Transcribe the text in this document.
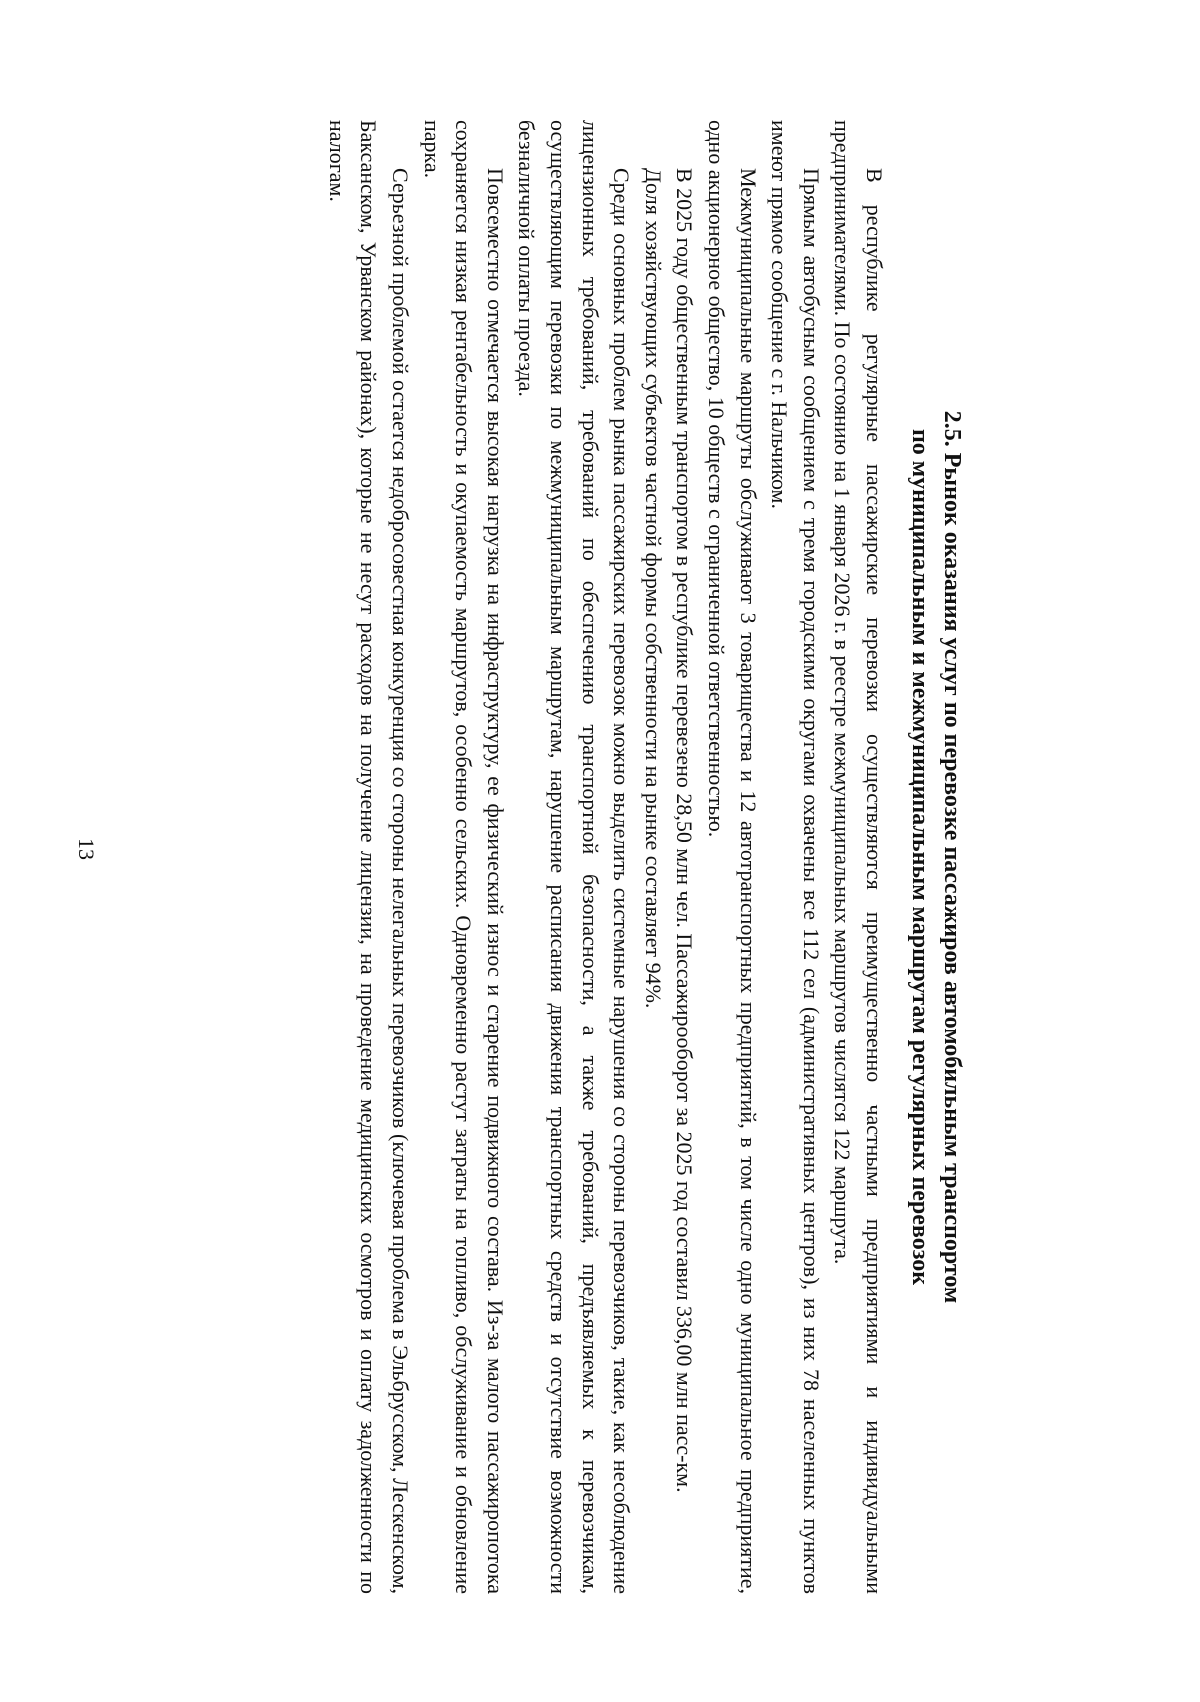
13	2.5. Рынок оказания услуг по перевозке пассажиров автомобильным транспортом
по муниципальным и межмуниципальным маршрутам регулярных перевозок

В республике регулярные пассажирские перевозки осуществляются преимущественно частными предприятиями и индивидуальными предпринимателями. По состоянию на 1 января 2026 г. в реестре межмуниципальных маршрутов числятся 122 маршрута.

Прямым автобусным сообщением с тремя городскими округами охвачены все 112 сел (административных центров), из них 78 населенных пунктов имеют прямое сообщение с г. Нальчиком.

Межмуниципальные маршруты обслуживают 3 товарищества и 12 автотранспортных предприятий, в том числе одно муниципальное предприятие, одно акционерное общество, 10 обществ с ограниченной ответственностью.

В 2025 году общественным транспортом в республике перевезено 28,50 млн чел. Пассажирооборот за 2025 год составил 336,00 млн пасс-км.

Доля хозяйствующих субъектов частной формы собственности на рынке составляет 94%.

Среди основных проблем рынка пассажирских перевозок можно выделить системные нарушения со стороны перевозчиков, такие, как несоблюдение лицензионных требований, требований по обеспечению транспортной безопасности, а также требований, предъявляемых к перевозчикам, осуществляющим перевозки по межмуниципальным маршрутам, нарушение расписания движения транспортных средств и отсутствие возможности безналичной оплаты проезда.

Повсеместно отмечается высокая нагрузка на инфраструктуру, ее физический износ и старение подвижного состава. Из-за малого пассажиропотока сохраняется низкая рентабельность и окупаемость маршрутов, особенно сельских. Одновременно растут затраты на топливо, обслуживание и обновление парка.

Серьезной проблемой остается недобросовестная конкуренция со стороны нелегальных перевозчиков (ключевая проблема в Эльбрусском, Лескенском, Баксанском, Урванском районах), которые не несут расходов на получение лицензии, на проведение медицинских осмотров и оплату задолженности по налогам.
